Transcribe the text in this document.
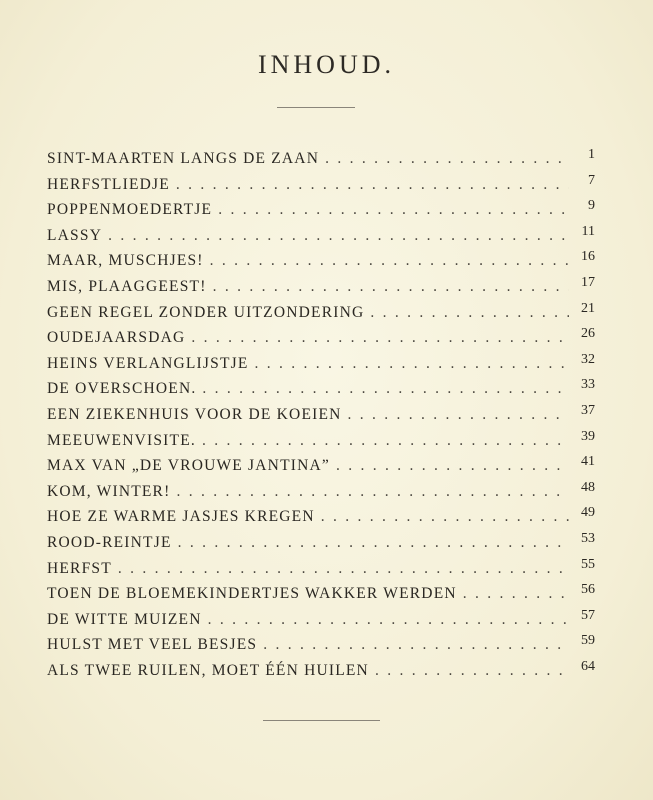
INHOUD.
SINT-MAARTEN LANGS DE ZAAN . . .	1
HERFSTLIEDJE . . .	7
POPPENMOEDERTJE . . .	9
LASSY . . .	11
MAAR, MUSCHJES! . . .	16
MIS, PLAAGGEEST! . . .	17
GEEN REGEL ZONDER UITZONDERING . . .	21
OUDEJAARSDAG . . .	26
HEINS VERLANGLIJSTJE . . .	32
DE OVERSCHOEN. . . .	33
EEN ZIEKENHUIS VOOR DE KOEIEN . . .	37
MEEUWENVISITE. . . .	39
MAX VAN „DE VROUWE JANTINA” . . .	41
KOM, WINTER! . . .	48
HOE ZE WARME JASJES KREGEN . . .	49
ROOD-REINTJE . . .	53
HERFST . . .	55
TOEN DE BLOEMEKINDERTJES WAKKER WERDEN . . .	56
DE WITTE MUIZEN . . .	57
HULST MET VEEL BESJES . . .	59
ALS TWEE RUILEN, MOET ÉÉN HUILEN . . .	64
